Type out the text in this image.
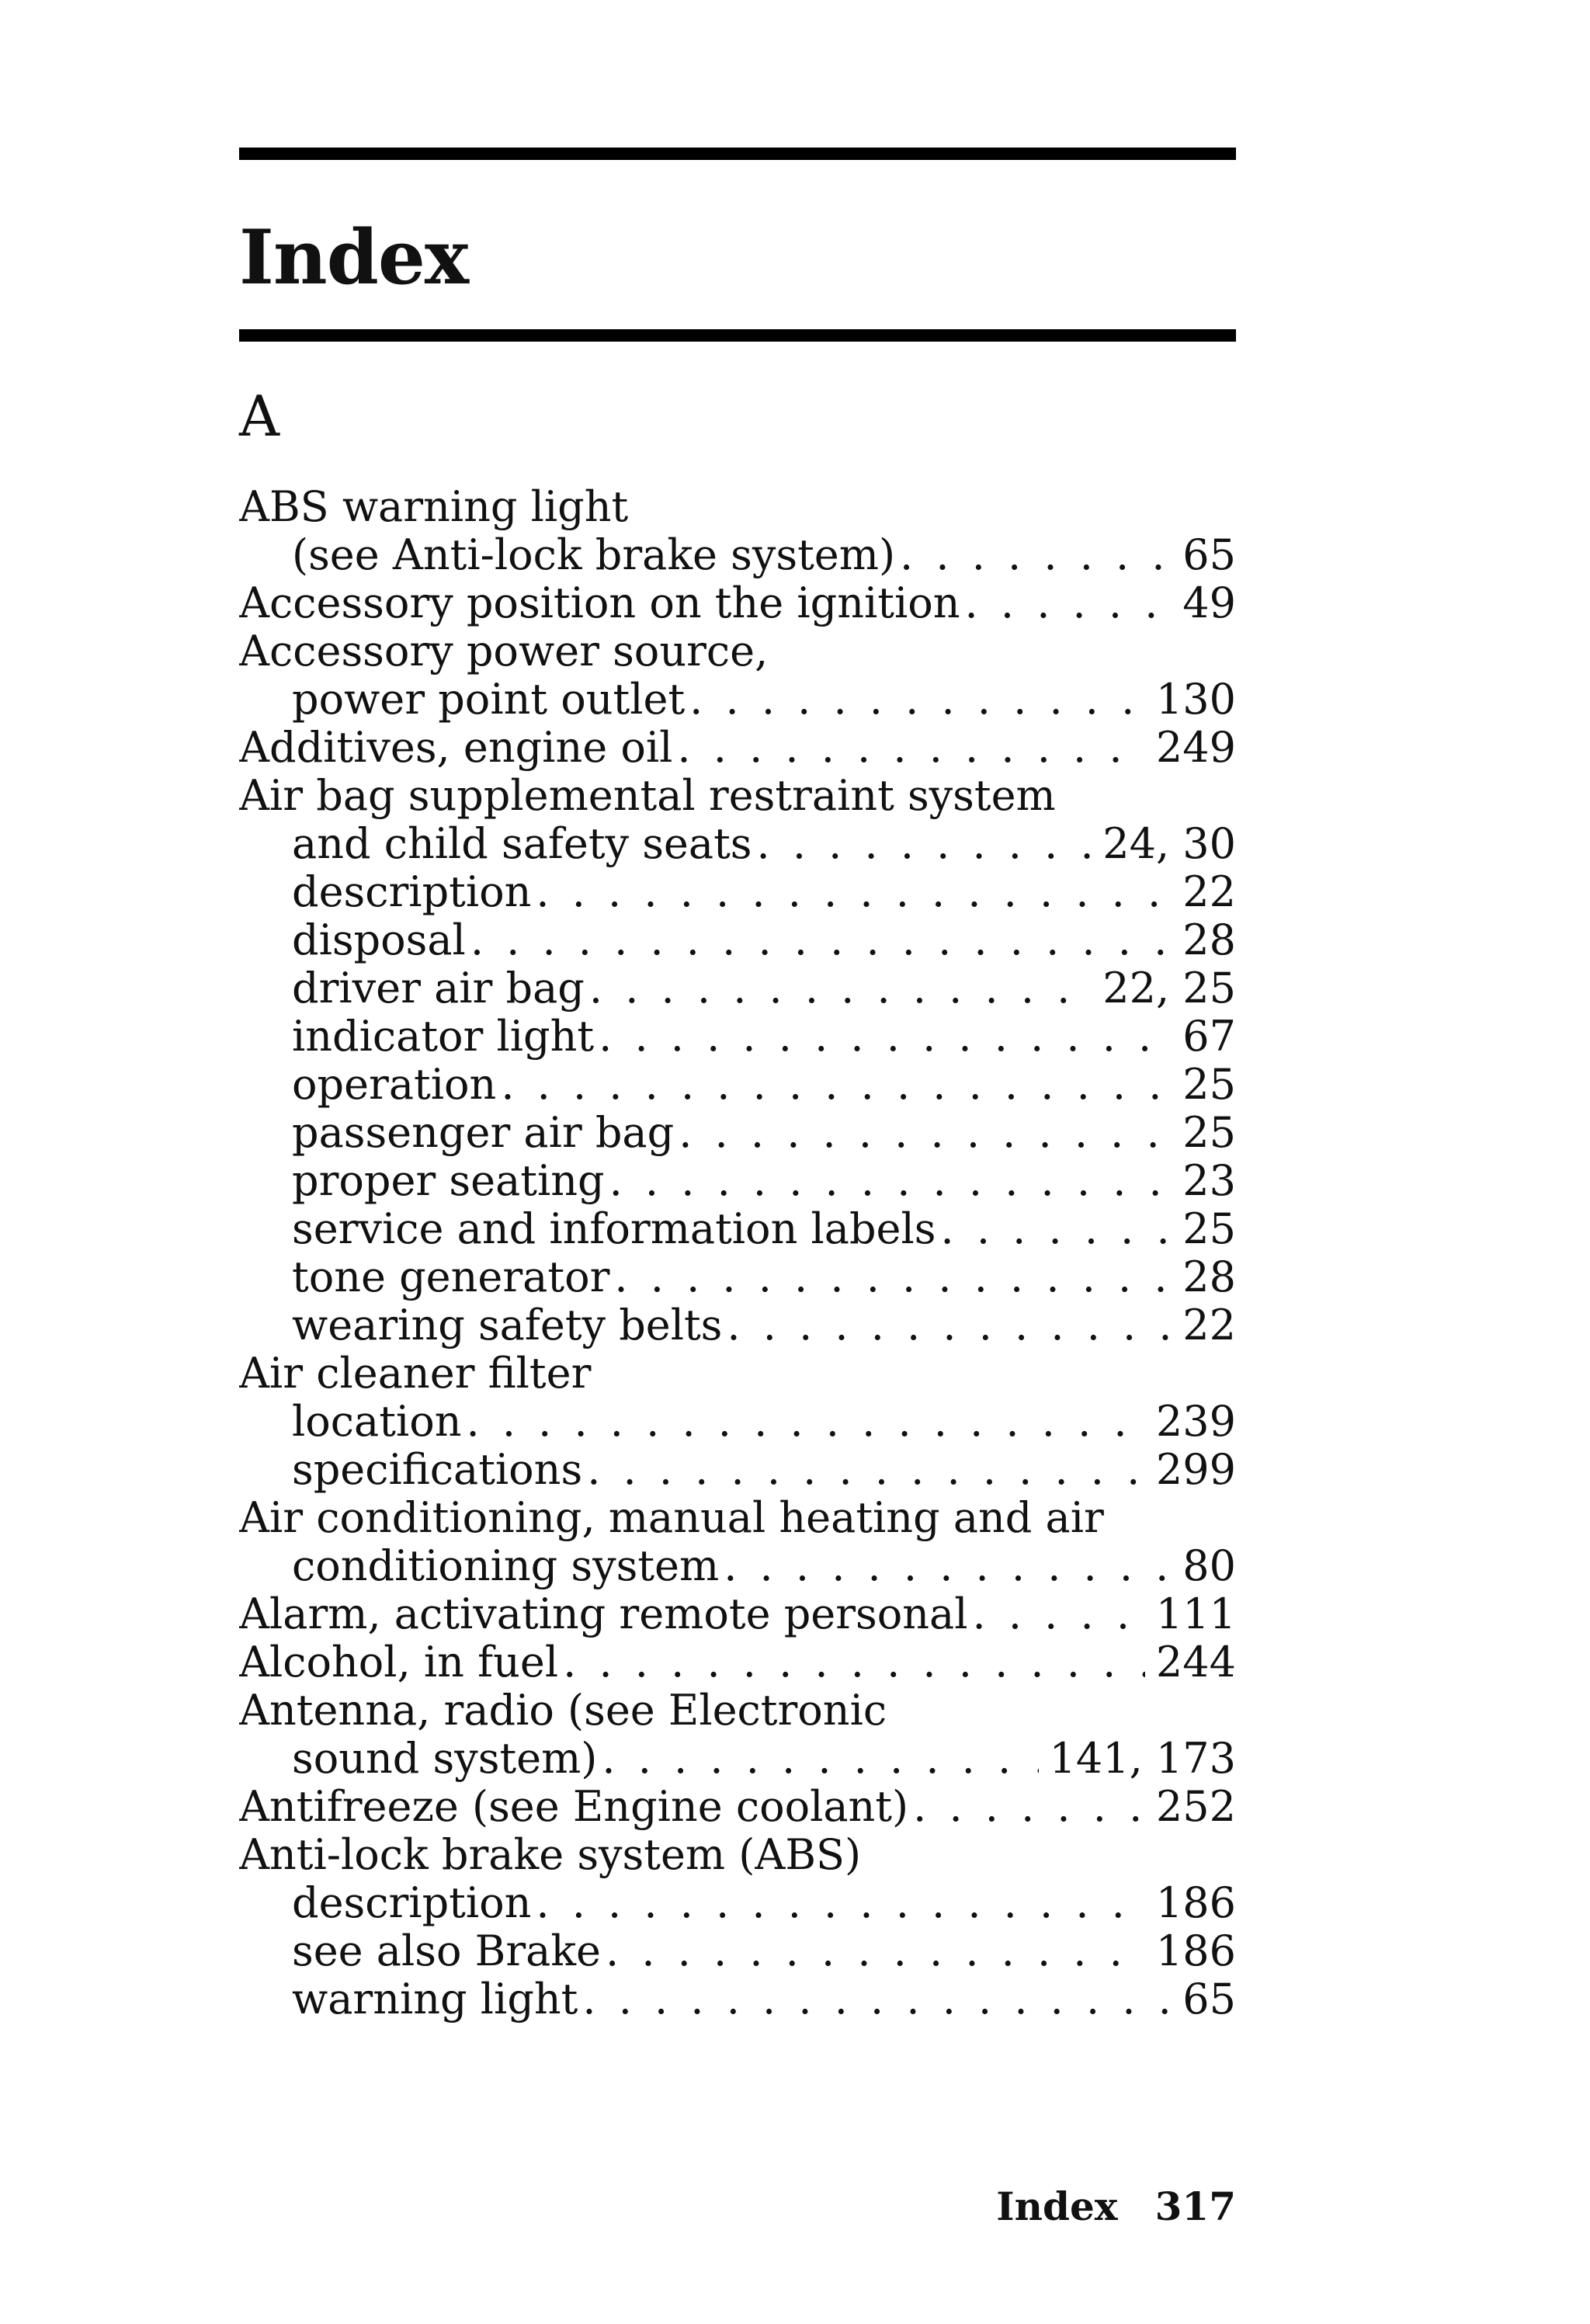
Index
A
ABS warning light
(see Anti-lock brake system) . . .	65
Accessory position on the ignition . . .	49
Accessory power source,
power point outlet . . .	130
Additives, engine oil . . .	249
Air bag supplemental restraint system
and child safety seats . . .	24, 30
description . . .	22
disposal . . .	28
driver air bag . . .	22, 25
indicator light . . .	67
operation . . .	25
passenger air bag . . .	25
proper seating . . .	23
service and information labels . . .	25
tone generator . . .	28
wearing safety belts . . .	22
Air cleaner filter
location . . .	239
specifications . . .	299
Air conditioning, manual heating and air
conditioning system . . .	80
Alarm, activating remote personal . . .	111
Alcohol, in fuel . . .	244
Antenna, radio (see Electronic
sound system) . . .	141, 173
Antifreeze (see Engine coolant) . . .	252
Anti-lock brake system (ABS)
description . . .	186
see also Brake . . .	186
warning light . . .	65
Index 317
